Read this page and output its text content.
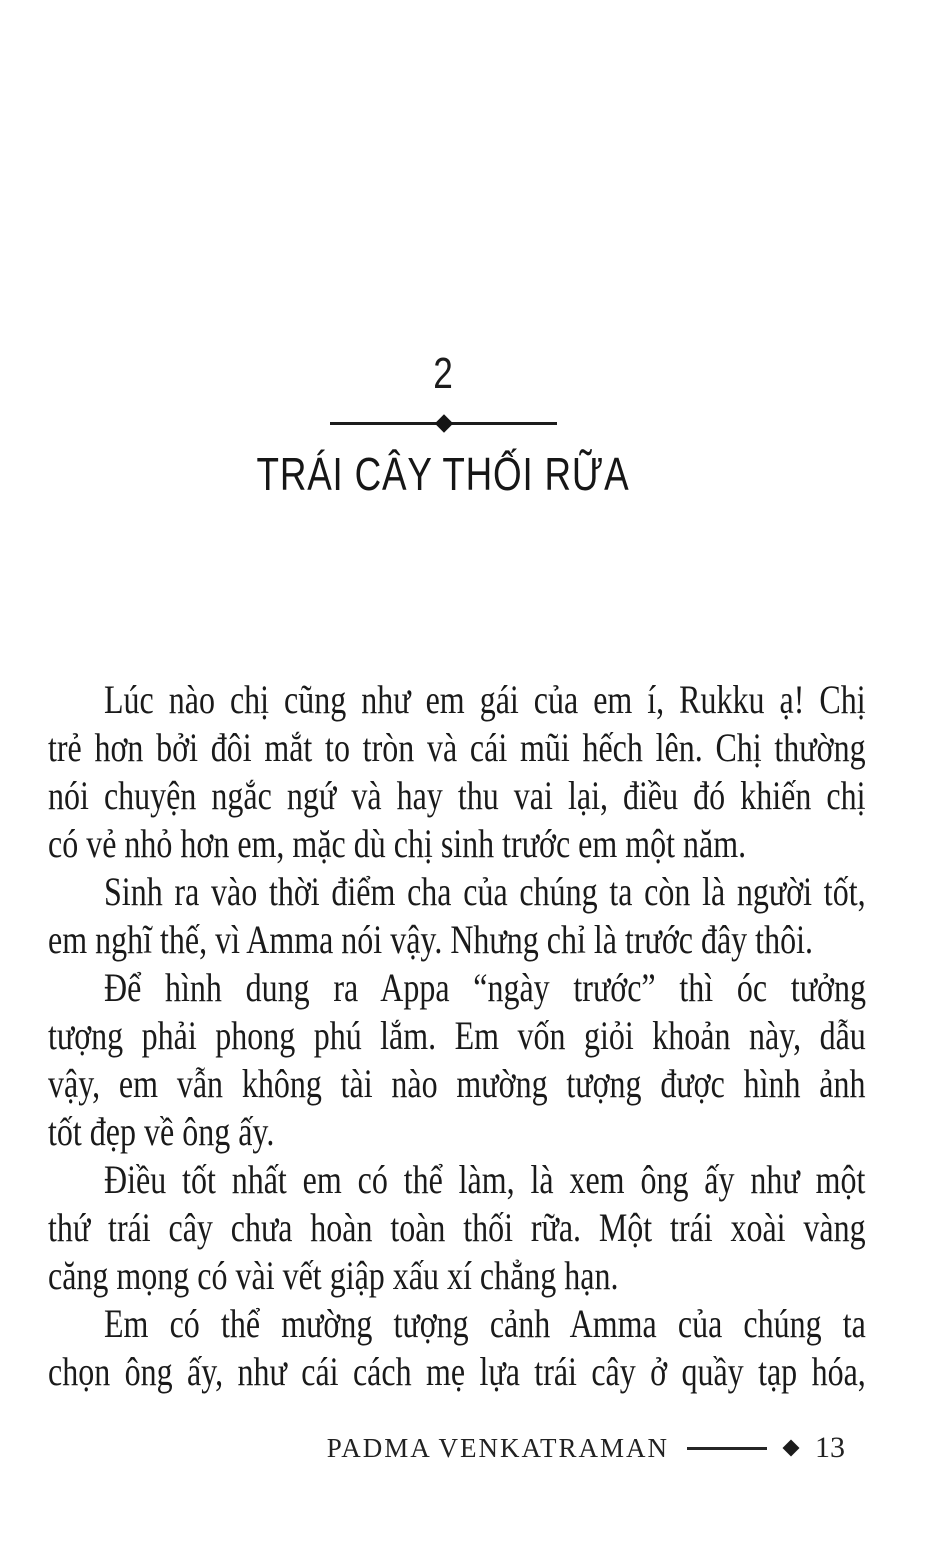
2
TRÁI CÂY THỐI RỮA

Lúc nào chị cũng như em gái của em í, Rukku ạ! Chị
trẻ hơn bởi đôi mắt to tròn và cái mũi hếch lên. Chị thường
nói chuyện ngắc ngứ và hay thu vai lại, điều đó khiến chị
có vẻ nhỏ hơn em, mặc dù chị sinh trước em một năm.

Sinh ra vào thời điểm cha của chúng ta còn là người tốt,
em nghĩ thế, vì Amma nói vậy. Nhưng chỉ là trước đây thôi.

Để hình dung ra Appa “ngày trước” thì óc tưởng
tượng phải phong phú lắm. Em vốn giỏi khoản này, dẫu
vậy, em vẫn không tài nào mường tượng được hình ảnh
tốt đẹp về ông ấy.

Điều tốt nhất em có thể làm, là xem ông ấy như một
thứ trái cây chưa hoàn toàn thối rữa. Một trái xoài vàng
căng mọng có vài vết giập xấu xí chẳng hạn.

Em có thể mường tượng cảnh Amma của chúng ta
chọn ông ấy, như cái cách mẹ lựa trái cây ở quầy tạp hóa,

PADMA VENKATRAMAN	13
